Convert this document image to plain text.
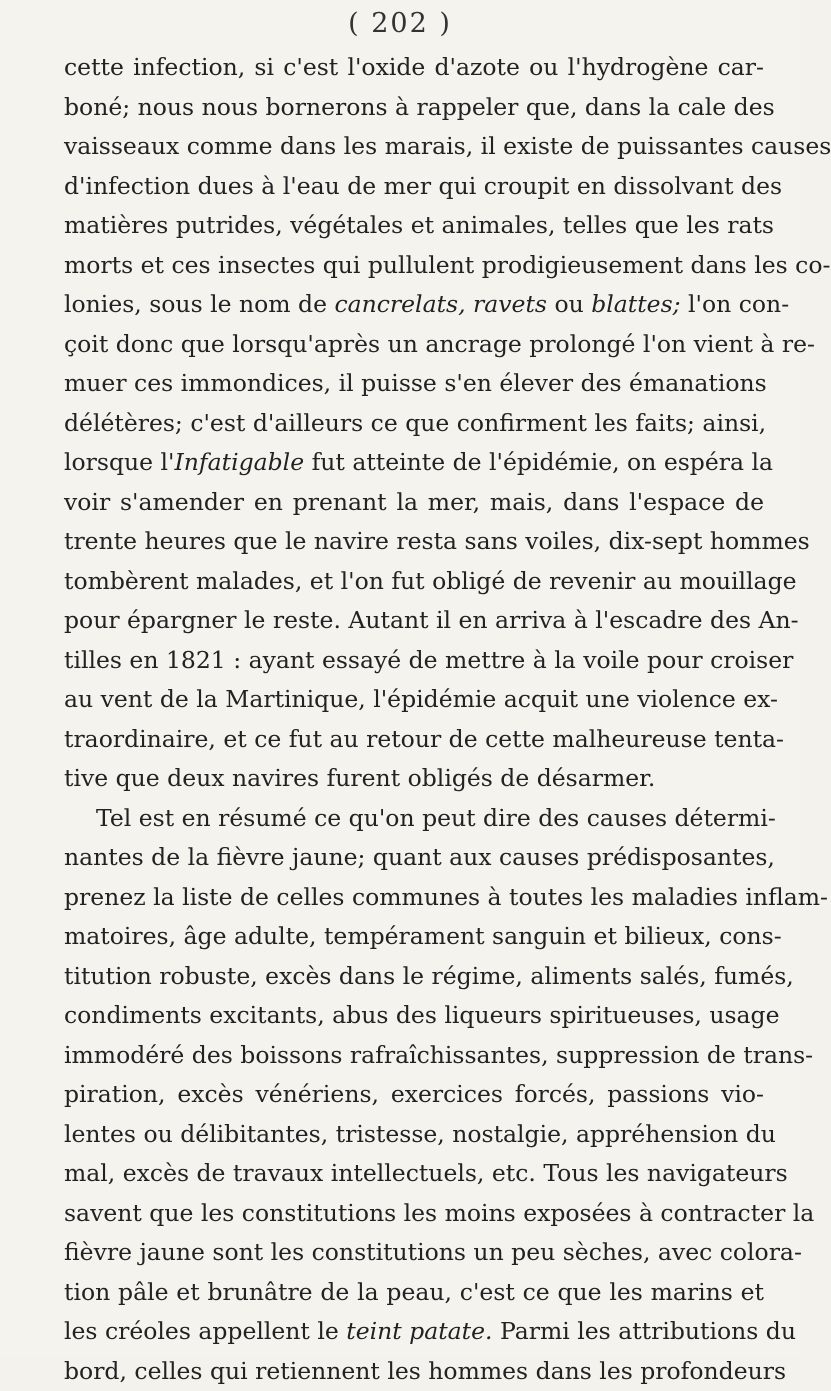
( 202 )
cette infection, si c'est l'oxide d'azote ou l'hydrogène car-
boné; nous nous bornerons à rappeler que, dans la cale des
vaisseaux comme dans les marais, il existe de puissantes causes
d'infection dues à l'eau de mer qui croupit en dissolvant des
matières putrides, végétales et animales, telles que les rats
morts et ces insectes qui pullulent prodigieusement dans les co-
lonies, sous le nom de cancrelats, ravets ou blattes; l'on con-
çoit donc que lorsqu'après un ancrage prolongé l'on vient à re-
muer ces immondices, il puisse s'en élever des émanations
délétères; c'est d'ailleurs ce que confirment les faits; ainsi,
lorsque l'Infatigable fut atteinte de l'épidémie, on espéra la
voir s'amender en prenant la mer, mais, dans l'espace de
trente heures que le navire resta sans voiles, dix-sept hommes
tombèrent malades, et l'on fut obligé de revenir au mouillage
pour épargner le reste. Autant il en arriva à l'escadre des An-
tilles en 1821 : ayant essayé de mettre à la voile pour croiser
au vent de la Martinique, l'épidémie acquit une violence ex-
traordinaire, et ce fut au retour de cette malheureuse tenta-
tive que deux navires furent obligés de désarmer.
Tel est en résumé ce qu'on peut dire des causes détermi-
nantes de la fièvre jaune; quant aux causes prédisposantes,
prenez la liste de celles communes à toutes les maladies inflam-
matoires, âge adulte, tempérament sanguin et bilieux, cons-
titution robuste, excès dans le régime, aliments salés, fumés,
condiments excitants, abus des liqueurs spiritueuses, usage
immodéré des boissons rafraîchissantes, suppression de trans-
piration, excès vénériens, exercices forcés, passions vio-
lentes ou délibitantes, tristesse, nostalgie, appréhension du
mal, excès de travaux intellectuels, etc. Tous les navigateurs
savent que les constitutions les moins exposées à contracter la
fièvre jaune sont les constitutions un peu sèches, avec colora-
tion pâle et brunâtre de la peau, c'est ce que les marins et
les créoles appellent le teint patate. Parmi les attributions du
bord, celles qui retiennent les hommes dans les profondeurs
